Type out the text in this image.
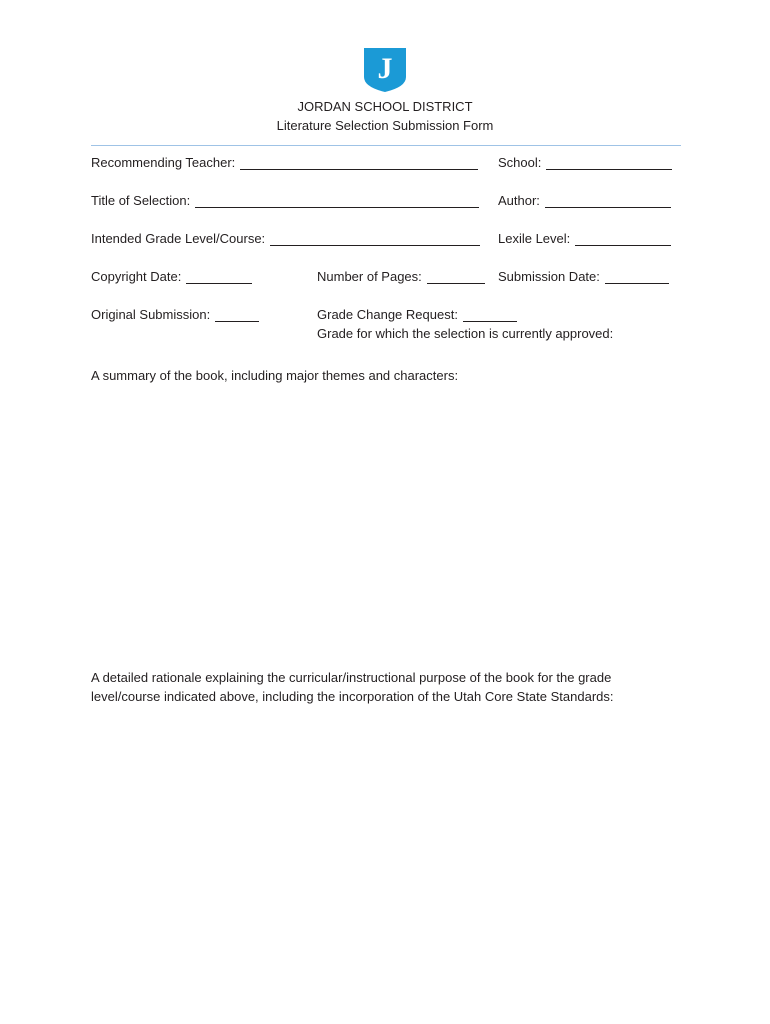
J
JORDAN SCHOOL DISTRICT
Literature Selection Submission Form
Recommending Teacher:	School:
Title of Selection:	Author:
Intended Grade Level/Course:	Lexile Level:
Copyright Date:	Number of Pages:	Submission Date:
Original Submission:	Grade Change Request:
Grade for which the selection is currently approved:
A summary of the book, including major themes and characters:
A detailed rationale explaining the curricular/instructional purpose of the book for the grade level/course indicated above, including the incorporation of the Utah Core State Standards:
